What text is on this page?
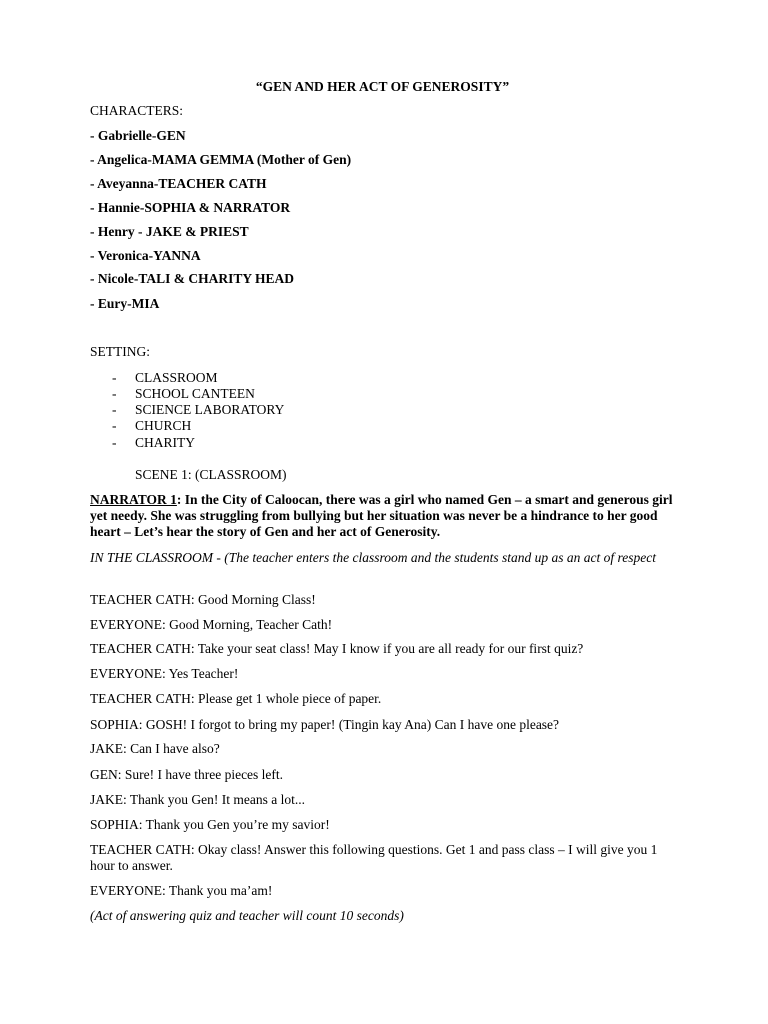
“GEN AND HER ACT OF GENEROSITY”
CHARACTERS:
- Gabrielle-GEN
- Angelica-MAMA GEMMA (Mother of Gen)
- Aveyanna-TEACHER CATH
- Hannie-SOPHIA & NARRATOR
- Henry - JAKE & PRIEST
- Veronica-YANNA
- Nicole-TALI & CHARITY HEAD
- Eury-MIA
SETTING:
- CLASSROOM
- SCHOOL CANTEEN
- SCIENCE LABORATORY
- CHURCH
- CHARITY
SCENE 1: (CLASSROOM)
NARRATOR 1: In the City of Caloocan, there was a girl who named Gen – a smart and generous girl yet needy. She was struggling from bullying but her situation was never be a hindrance to her good heart – Let’s hear the story of Gen and her act of Generosity.
IN THE CLASSROOM - (The teacher enters the classroom and the students stand up as an act of respect
TEACHER CATH: Good Morning Class!
EVERYONE: Good Morning, Teacher Cath!
TEACHER CATH: Take your seat class! May I know if you are all ready for our first quiz?
EVERYONE: Yes Teacher!
TEACHER CATH: Please get 1 whole piece of paper.
SOPHIA: GOSH! I forgot to bring my paper! (Tingin kay Ana) Can I have one please?
JAKE: Can I have also?
GEN: Sure! I have three pieces left.
JAKE: Thank you Gen! It means a lot...
SOPHIA: Thank you Gen you’re my savior!
TEACHER CATH: Okay class! Answer this following questions. Get 1 and pass class – I will give you 1 hour to answer.
EVERYONE: Thank you ma’am!
(Act of answering quiz and teacher will count 10 seconds)
